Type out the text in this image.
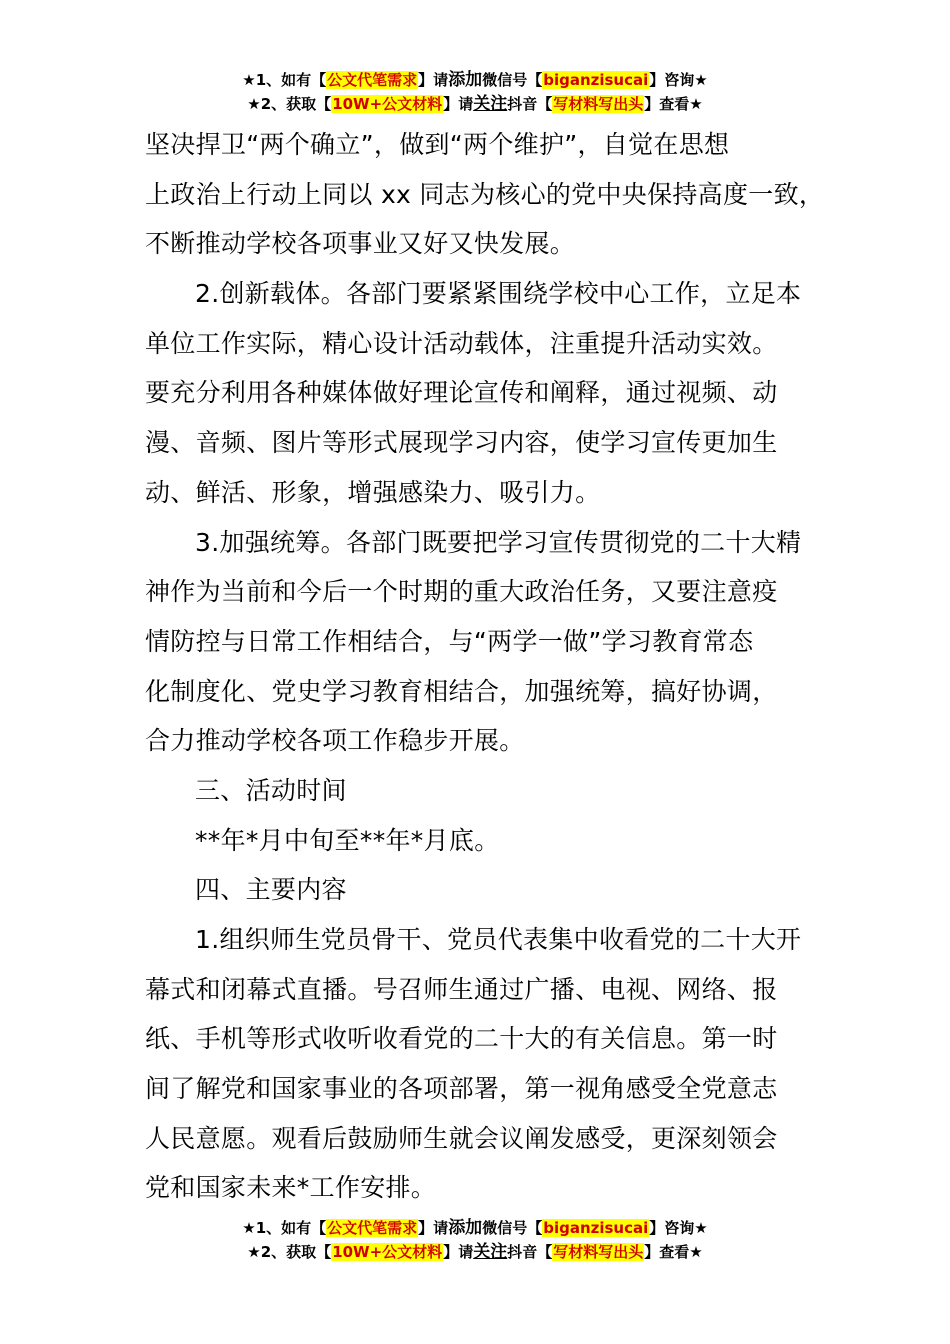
★1、如有【公文代笔需求】请添加微信号【biganzisucai】咨询★
★2、获取【10W+公文材料】请关注抖音【写材料写出头】查看★
坚决捍卫“两个确立”，做到“两个维护”，自觉在思想
上政治上行动上同以 xx 同志为核心的党中央保持高度一致，
不断推动学校各项事业又好又快发展。
2.创新载体。各部门要紧紧围绕学校中心工作，立足本
单位工作实际，精心设计活动载体，注重提升活动实效。
要充分利用各种媒体做好理论宣传和阐释，通过视频、动
漫、音频、图片等形式展现学习内容，使学习宣传更加生
动、鲜活、形象，增强感染力、吸引力。
3.加强统筹。各部门既要把学习宣传贯彻党的二十大精
神作为当前和今后一个时期的重大政治任务，又要注意疫
情防控与日常工作相结合，与“两学一做”学习教育常态
化制度化、党史学习教育相结合，加强统筹，搞好协调，
合力推动学校各项工作稳步开展。
三、活动时间
**年*月中旬至**年*月底。
四、主要内容
1.组织师生党员骨干、党员代表集中收看党的二十大开
幕式和闭幕式直播。号召师生通过广播、电视、网络、报
纸、手机等形式收听收看党的二十大的有关信息。第一时
间了解党和国家事业的各项部署，第一视角感受全党意志
人民意愿。观看后鼓励师生就会议阐发感受，更深刻领会
党和国家未来*工作安排。
★1、如有【公文代笔需求】请添加微信号【biganzisucai】咨询★
★2、获取【10W+公文材料】请关注抖音【写材料写出头】查看★
